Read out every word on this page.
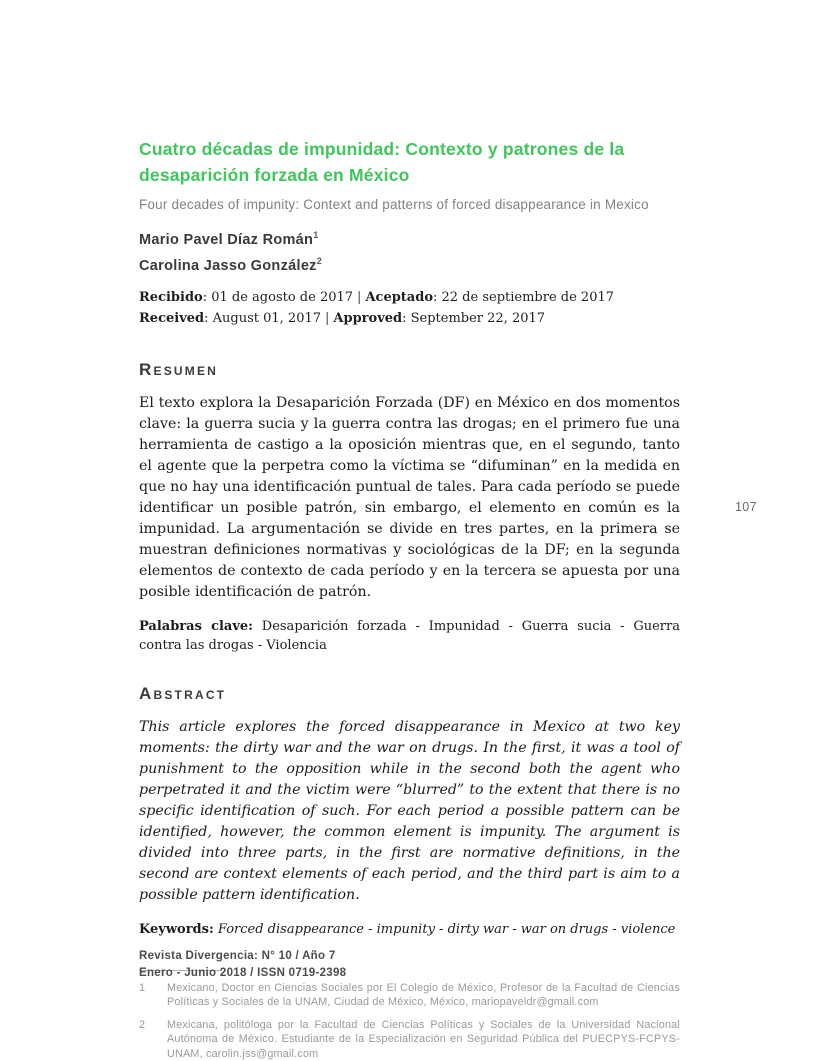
Cuatro décadas de impunidad: Contexto y patrones de la desaparición forzada en México
Four decades of impunity: Context and patterns of forced disappearance in Mexico
Mario Pavel Díaz Román$^1$
Carolina Jasso González$^2$
Recibido: 01 de agosto de 2017 | Aceptado: 22 de septiembre de 2017
Received: August 01, 2017 | Approved: September 22, 2017
Resumen

El texto explora la Desaparición Forzada (DF) en México en dos momentos clave: la guerra sucia y la guerra contra las drogas; en el primero fue una herramienta de castigo a la oposición mientras que, en el segundo, tanto el agente que la perpetra como la víctima se “difuminan” en la medida en que no hay una identificación puntual de tales. Para cada período se puede identificar un posible patrón, sin embargo, el elemento en común es la impunidad. La argumentación se divide en tres partes, en la primera se muestran definiciones normativas y sociológicas de la DF; en la segunda elementos de contexto de cada período y en la tercera se apuesta por una posible identificación de patrón.

Palabras clave: Desaparición forzada - Impunidad - Guerra sucia - Guerra contra las drogas - Violencia

Abstract

This article explores the forced disappearance in Mexico at two key moments: the dirty war and the war on drugs. In the first, it was a tool of punishment to the opposition while in the second both the agent who perpetrated it and the victim were “blurred” to the extent that there is no specific identification of such. For each period a possible pattern can be identified, however, the common element is impunity. The argument is divided into three parts, in the first are normative definitions, in the second are context elements of each period, and the third part is aim to a possible pattern identification.

Keywords: Forced disappearance - impunity - dirty war - war on drugs - violence

1	Mexicano, Doctor en Ciencias Sociales por El Colegio de México, Profesor de la Facultad de Ciencias Políticas y Sociales de la UNAM, Ciudad de México, México, mariopaveldr@gmail.com
2	Mexicana, politóloga por la Facultad de Ciencias Políticas y Sociales de la Universidad Nacional Autónoma de México. Estudiante de la Especialización en Seguridad Pública del PUECPYS-FCPYS-UNAM, carolin.jss@gmail.com
107
Revista Divergencia: N° 10 / Año 7
Enero - Junio 2018 / ISSN 0719-2398
